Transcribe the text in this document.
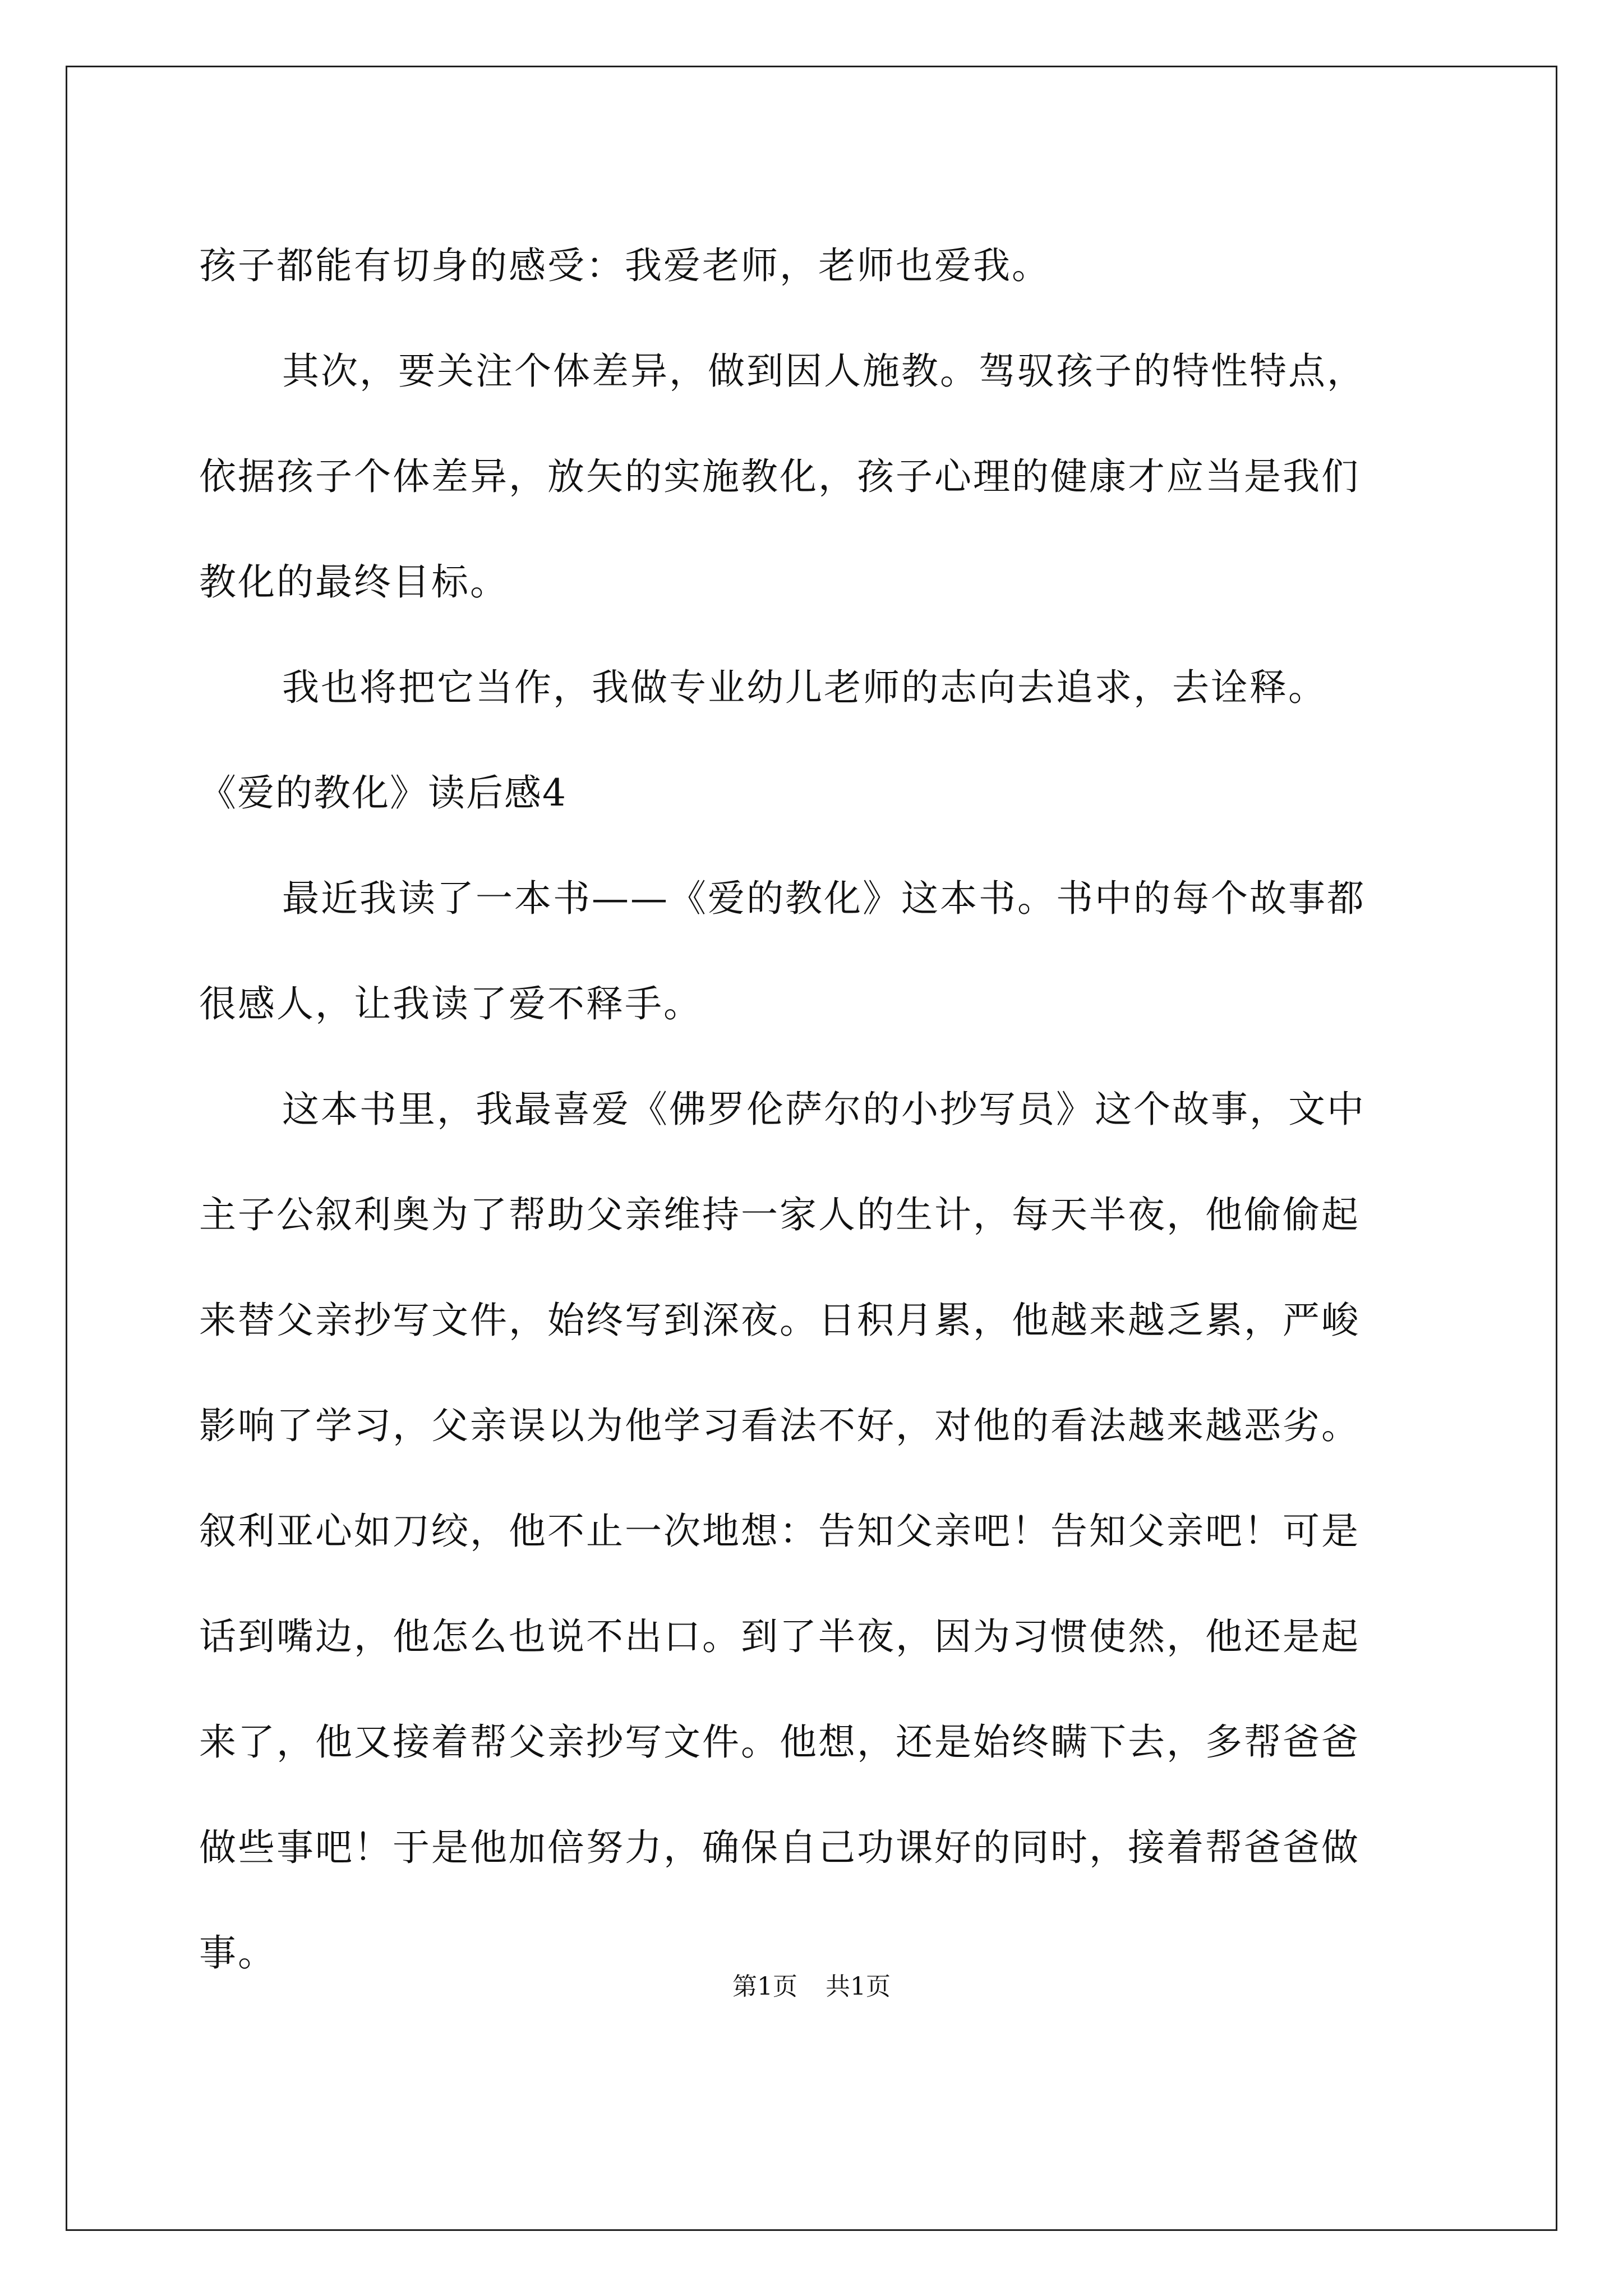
孩子都能有切身的感受：我爱老师，老师也爱我。
其次，要关注个体差异，做到因人施教。驾驭孩子的特性特点，
依据孩子个体差异，放矢的实施教化，孩子心理的健康才应当是我们
教化的最终目标。
我也将把它当作，我做专业幼儿老师的志向去追求，去诠释。
《爱的教化》读后感4
最近我读了一本书——《爱的教化》这本书。书中的每个故事都
很感人，让我读了爱不释手。
这本书里，我最喜爱《佛罗伦萨尔的小抄写员》这个故事，文中
主子公叙利奥为了帮助父亲维持一家人的生计，每天半夜，他偷偷起
来替父亲抄写文件，始终写到深夜。日积月累，他越来越乏累，严峻
影响了学习，父亲误以为他学习看法不好，对他的看法越来越恶劣。
叙利亚心如刀绞，他不止一次地想：告知父亲吧！告知父亲吧！可是
话到嘴边，他怎么也说不出口。到了半夜，因为习惯使然，他还是起
来了，他又接着帮父亲抄写文件。他想，还是始终瞒下去，多帮爸爸
做些事吧！于是他加倍努力，确保自己功课好的同时，接着帮爸爸做
事。
第1页 共1页
